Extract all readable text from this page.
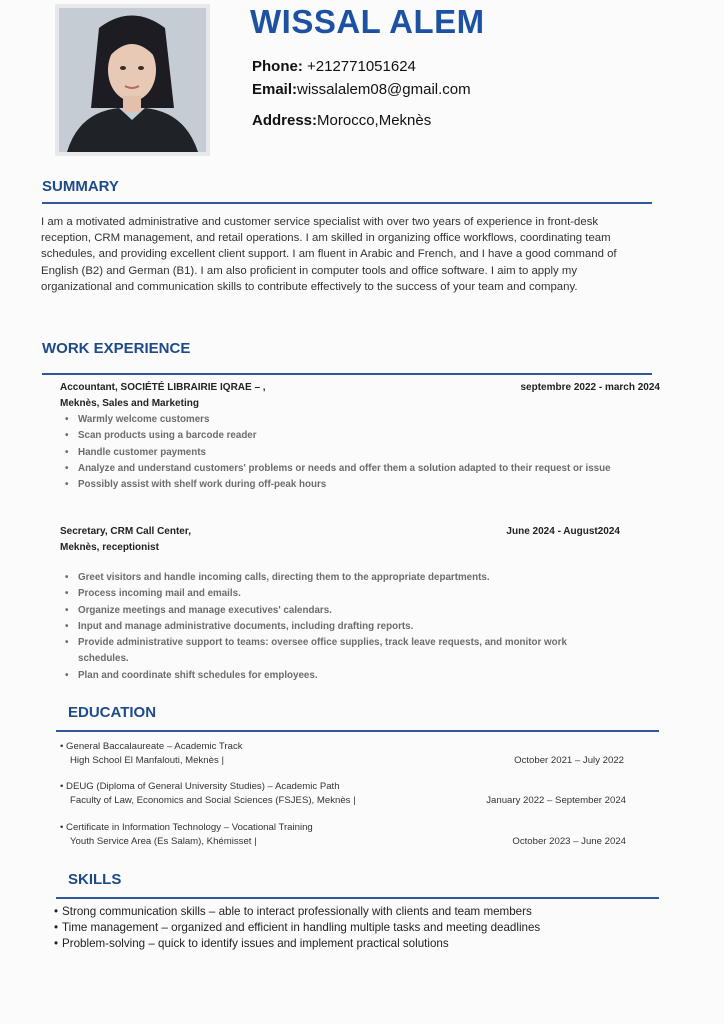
WISSAL ALEM
Phone: +212771051624
Email:wissalalem08@gmail.com
Address:Morocco,Meknès
SUMMARY
I am a motivated administrative and customer service specialist with over two years of experience in front-desk reception, CRM management, and retail operations. I am skilled in organizing office workflows, coordinating team schedules, and providing excellent client support. I am fluent in Arabic and French, and I have a good command of English (B2) and German (B1). I am also proficient in computer tools and office software. I aim to apply my organizational and communication skills to contribute effectively to the success of your team and company.
WORK EXPERIENCE
Accountant, SOCIÉTÉ LIBRAIRIE IQRAE – ,	septembre 2022 - march 2024
Meknès, Sales and Marketing
• Warmly welcome customers
• Scan products using a barcode reader
• Handle customer payments
• Analyze and understand customers' problems or needs and offer them a solution adapted to their request or issue
• Possibly assist with shelf work during off-peak hours
Secretary, CRM Call Center,	June 2024 - August2024
Meknès, receptionist
• Greet visitors and handle incoming calls, directing them to the appropriate departments.
• Process incoming mail and emails.
• Organize meetings and manage executives' calendars.
• Input and manage administrative documents, including drafting reports.
• Provide administrative support to teams: oversee office supplies, track leave requests, and monitor work schedules.
• Plan and coordinate shift schedules for employees.
EDUCATION
• General Baccalaureate – Academic Track
High School El Manfalouti, Meknès |	October 2021 – July 2022
• DEUG (Diploma of General University Studies) – Academic Path
Faculty of Law, Economics and Social Sciences (FSJES), Meknès |	January 2022 – September 2024
• Certificate in Information Technology – Vocational Training
Youth Service Area (Es Salam), Khémisset |	October 2023 – June 2024
SKILLS
• Strong communication skills – able to interact professionally with clients and team members
• Time management – organized and efficient in handling multiple tasks and meeting deadlines
• Problem-solving – quick to identify issues and implement practical solutions
